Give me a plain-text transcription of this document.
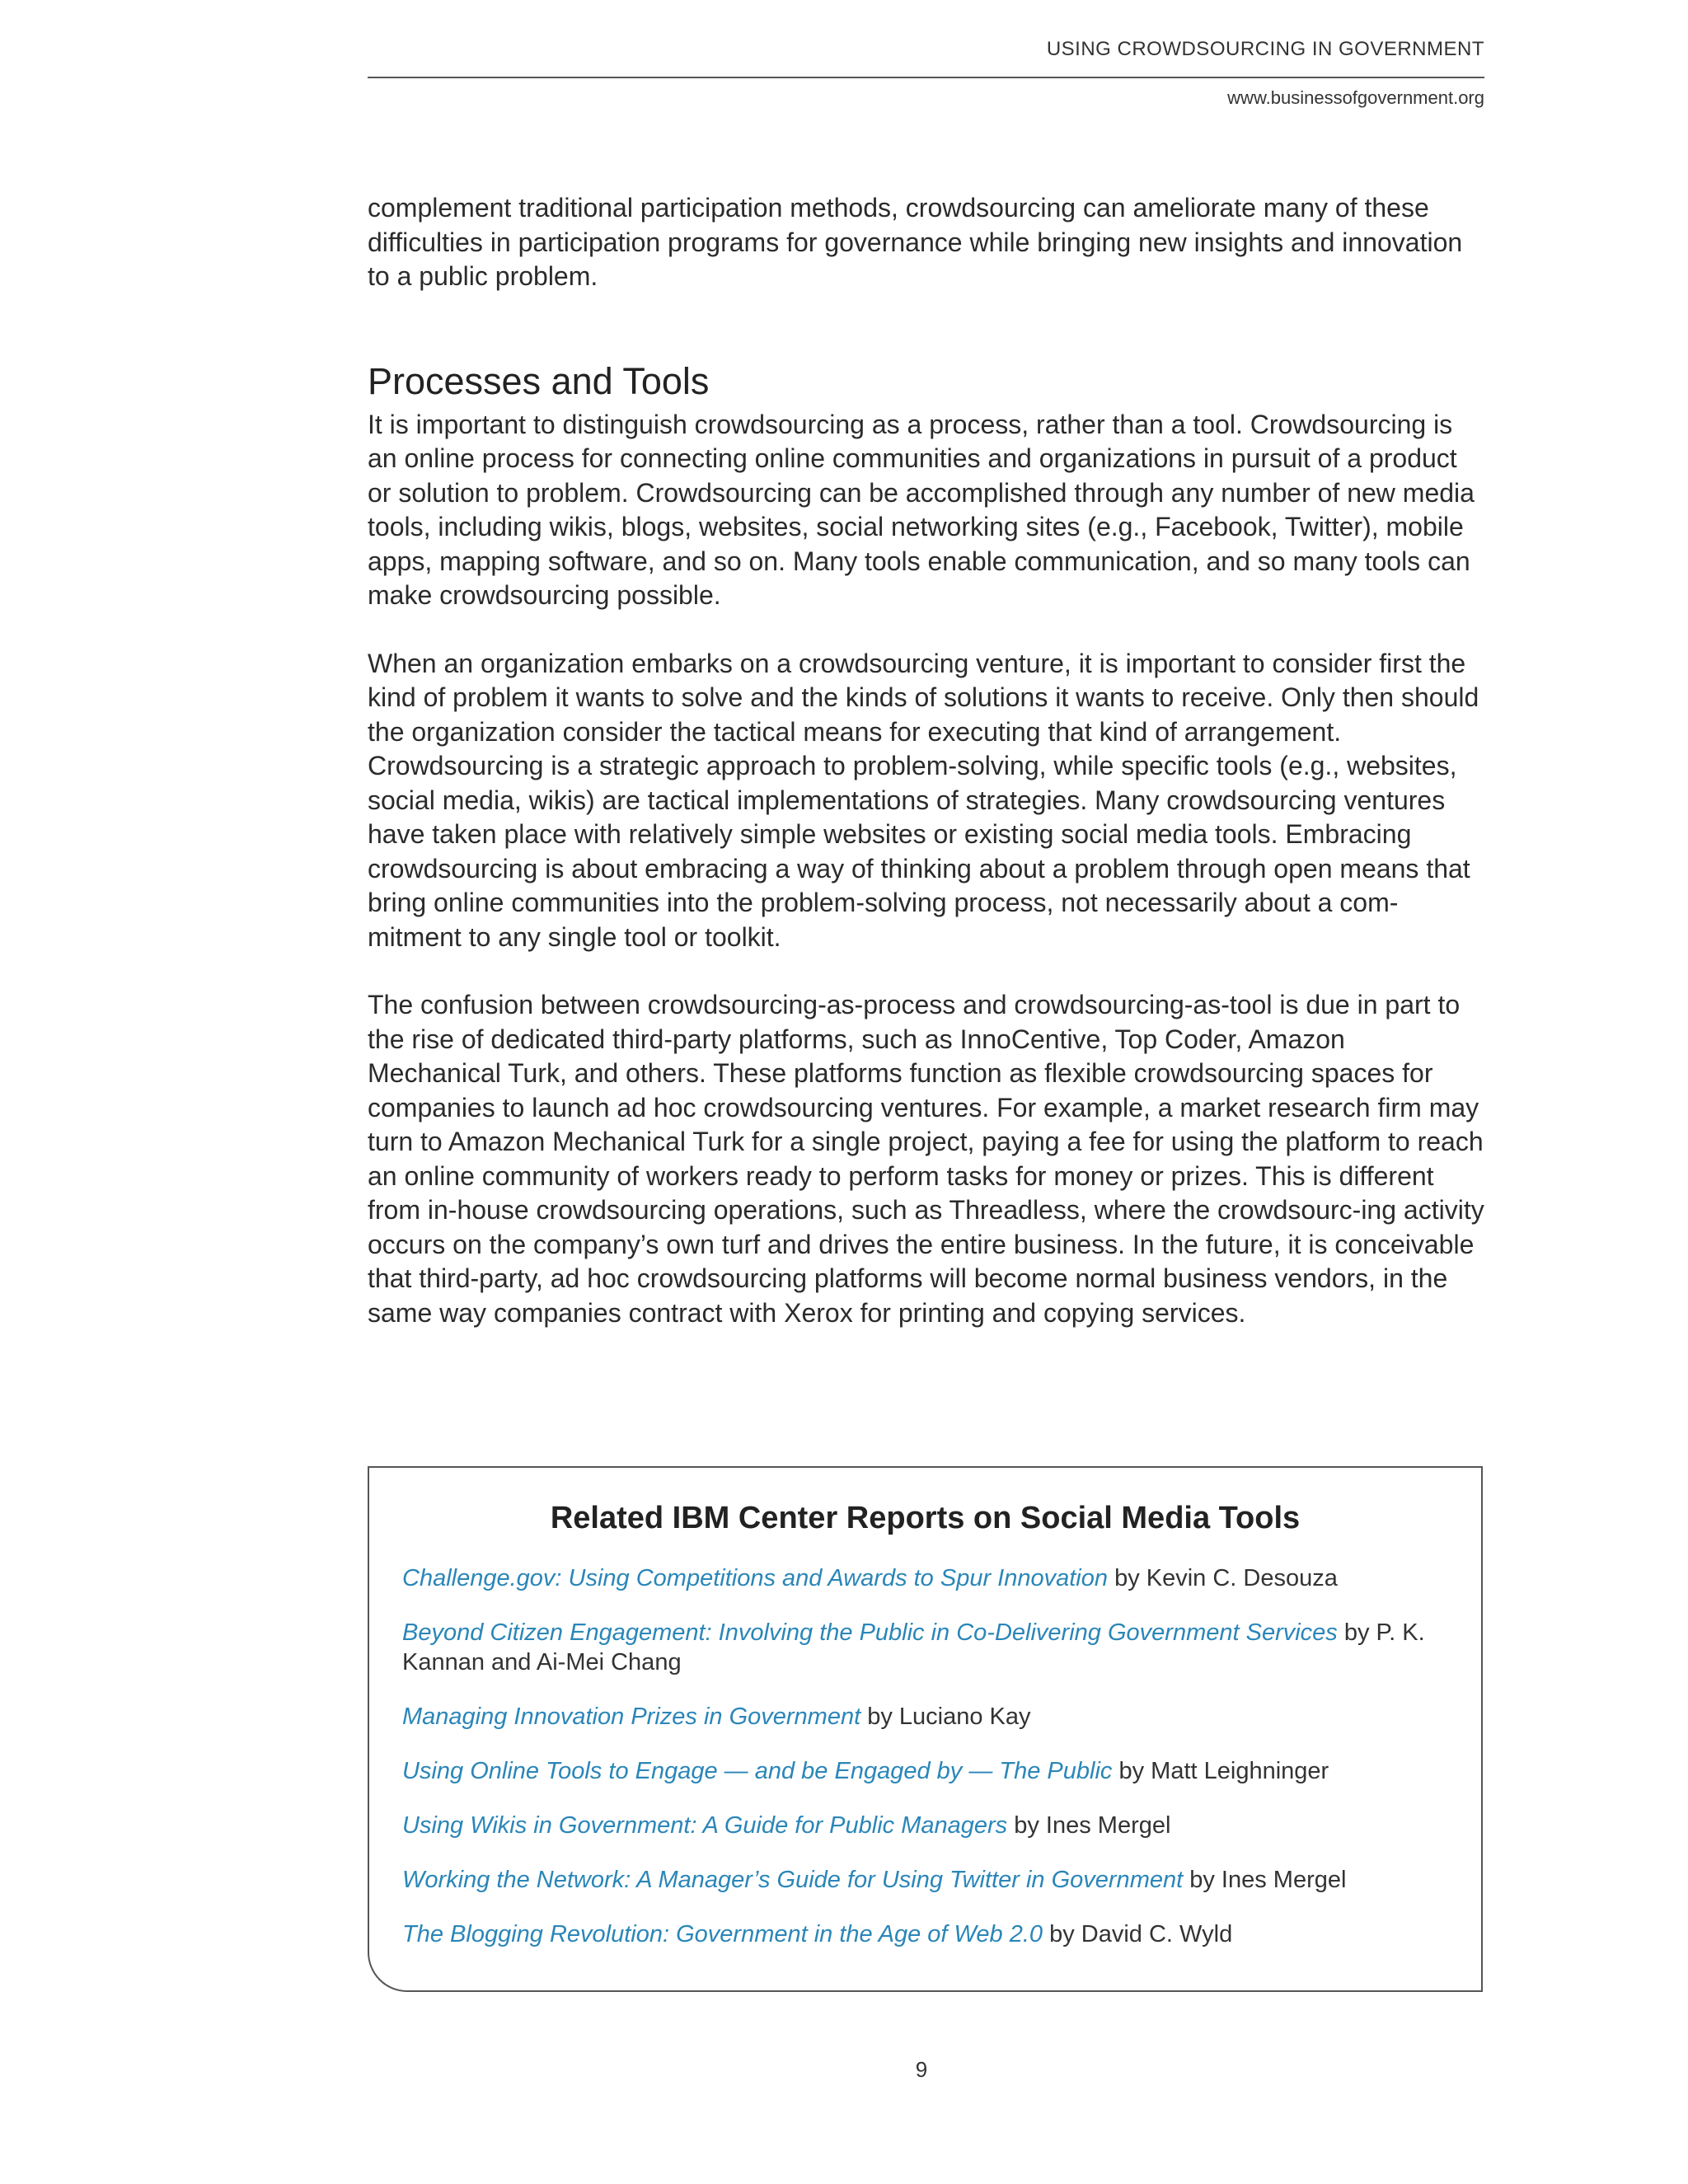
USING CROWDSOURCING IN GOVERNMENT
www.businessofgovernment.org

complement traditional participation methods, crowdsourcing can ameliorate many of these difficulties in participation programs for governance while bringing new insights and innovation to a public problem.

Processes and Tools

It is important to distinguish crowdsourcing as a process, rather than a tool. Crowdsourcing is an online process for connecting online communities and organizations in pursuit of a product or solution to problem. Crowdsourcing can be accomplished through any number of new media tools, including wikis, blogs, websites, social networking sites (e.g., Facebook, Twitter), mobile apps, mapping software, and so on. Many tools enable communication, and so many tools can make crowdsourcing possible.

When an organization embarks on a crowdsourcing venture, it is important to consider first the kind of problem it wants to solve and the kinds of solutions it wants to receive. Only then should the organization consider the tactical means for executing that kind of arrangement. Crowdsourcing is a strategic approach to problem-solving, while specific tools (e.g., websites, social media, wikis) are tactical implementations of strategies. Many crowdsourcing ventures have taken place with relatively simple websites or existing social media tools. Embracing crowdsourcing is about embracing a way of thinking about a problem through open means that bring online communities into the problem-solving process, not necessarily about a com-mitment to any single tool or toolkit.

The confusion between crowdsourcing-as-process and crowdsourcing-as-tool is due in part to the rise of dedicated third-party platforms, such as InnoCentive, Top Coder, Amazon Mechanical Turk, and others. These platforms function as flexible crowdsourcing spaces for companies to launch ad hoc crowdsourcing ventures. For example, a market research firm may turn to Amazon Mechanical Turk for a single project, paying a fee for using the platform to reach an online community of workers ready to perform tasks for money or prizes. This is different from in-house crowdsourcing operations, such as Threadless, where the crowdsourc-ing activity occurs on the company’s own turf and drives the entire business. In the future, it is conceivable that third-party, ad hoc crowdsourcing platforms will become normal business vendors, in the same way companies contract with Xerox for printing and copying services.

Related IBM Center Reports on Social Media Tools
Challenge.gov: Using Competitions and Awards to Spur Innovation by Kevin C. Desouza
Beyond Citizen Engagement: Involving the Public in Co-Delivering Government Services by P. K. Kannan and Ai-Mei Chang
Managing Innovation Prizes in Government by Luciano Kay
Using Online Tools to Engage — and be Engaged by — The Public by Matt Leighninger
Using Wikis in Government: A Guide for Public Managers by Ines Mergel
Working the Network: A Manager’s Guide for Using Twitter in Government by Ines Mergel
The Blogging Revolution: Government in the Age of Web 2.0 by David C. Wyld
9
